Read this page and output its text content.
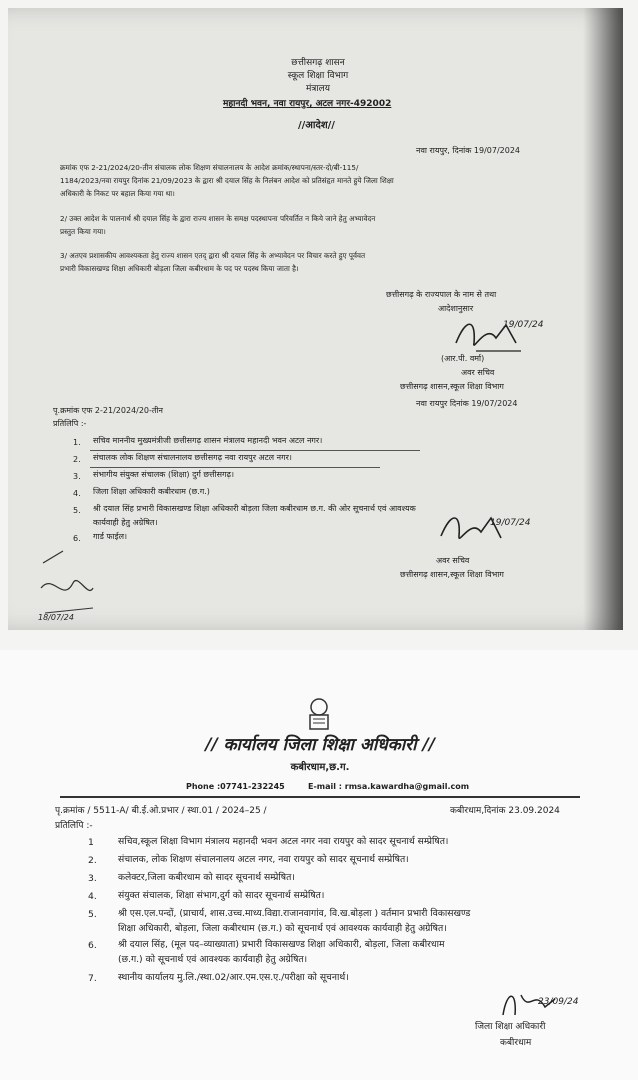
छत्तीसगढ़ शासन
स्कूल शिक्षा विभाग
मंत्रालय
महानदी भवन, नवा रायपुर, अटल नगर-492002
//आदेश//
नवा रायपुर, दिनांक 19/07/2024
क्रमांक एफ 2-21/2024/20-तीन संचालक लोक शिक्षण संचालनालय के आदेश क्रमांक/स्थापना/स्तर-दो/बी-115/
1184/2023/नवा रायपुर दिनांक 21/09/2023 के द्वारा श्री दयाल सिंह के निलंबन आदेश को प्रतिसंहृत मानते हुये जिला शिक्षा
अधिकारी के निकट पर बहाल किया गया था।
2/ उक्त आदेश के पालनार्थ श्री दयाल सिंह के द्वारा राज्य शासन के समक्ष पदस्थापना परिवर्तित न किये जाने हेतु अभ्यावेदन
प्रस्तुत किया गया।
3/ अतएव प्रशासकीय आवश्यकता हेतु राज्य शासन एतद् द्वारा श्री दयाल सिंह के अभ्यावेदन पर विचार करते हुए पूर्ववत
प्रभारी विकासखण्ड शिक्षा अधिकारी बोड़ला जिला कबीरधाम के पद पर पदस्थ किया जाता है।
छत्तीसगढ़ के राज्यपाल के नाम से तथा
आदेशानुसार
19/07/24
(आर.पी. वर्मा)
अवर सचिव
छत्तीसगढ़ शासन,स्कूल शिक्षा विभाग
नवा रायपुर दिनांक 19/07/2024
पृ.क्रमांक एफ 2-21/2024/20-तीन
प्रतिलिपि :-
1. सचिव माननीय मुख्यमंत्रीजी छत्तीसगढ़ शासन मंत्रालय महानदी भवन अटल नगर।
2. संचालक लोक शिक्षण संचालनालय छत्तीसगढ़ नवा रायपुर अटल नगर।
3. संभागीय संयुक्त संचालक (शिक्षा) दुर्ग छत्तीसगढ़।
4. जिला शिक्षा अधिकारी कबीरधाम (छ.ग.)
5. श्री दयाल सिंह प्रभारी विकासखण्ड शिक्षा अधिकारी बोड़ला जिला कबीरधाम छ.ग. की ओर सूचनार्थ एवं आवश्यक
कार्यवाही हेतु अग्रेषित।
6. गार्ड फाईल।
19/07/24
अवर सचिव
छत्तीसगढ़ शासन,स्कूल शिक्षा विभाग
18/07/24
// कार्यालय जिला शिक्षा अधिकारी //
कबीरधाम,छ.ग.
Phone :07741-232245	E-mail : rmsa.kawardha@gmail.com
पृ.क्रमांक / 5511-A/ बी.ई.ओ.प्रभार / स्था.01 / 2024–25 /	कबीरधाम,दिनांक 23.09.2024
प्रतिलिपि :-
1	सचिव,स्कूल शिक्षा विभाग मंत्रालय महानदी भवन अटल नगर नवा रायपुर को सादर सूचनार्थ सम्प्रेषित।
2. संचालक, लोक शिक्षण संचालनालय अटल नगर, नवा रायपुर को सादर सूचनार्थ सम्प्रेषित।
3. कलेक्टर,जिला कबीरधाम को सादर सूचनार्थ सम्प्रेषित।
4. संयुक्त संचालक, शिक्षा संभाग,दुर्ग को सादर सूचनार्थ सम्प्रेषित।
5. श्री एस.एल.पन्दों, (प्राचार्य, शास.उच्च.माध्य.विद्या.राजानवागांव, वि.ख.बोड़ला ) वर्तमान प्रभारी विकासखण्ड
शिक्षा अधिकारी, बोड़ला, जिला कबीरधाम (छ.ग.) को सूचनार्थ एवं आवश्यक कार्यवाही हेतु अग्रेषित।
6. श्री दयाल सिंह, (मूल पद–व्याख्याता) प्रभारी विकासखण्ड शिक्षा अधिकारी, बोड़ला, जिला कबीरधाम
(छ.ग.) को सूचनार्थ एवं आवश्यक कार्यवाही हेतु अग्रेषित।
7. स्थानीय कार्यालय मु.लि./स्था.02/आर.एम.एस.ए./परीक्षा को सूचनार्थ।
23/09/24
जिला शिक्षा अधिकारी
कबीरधाम
